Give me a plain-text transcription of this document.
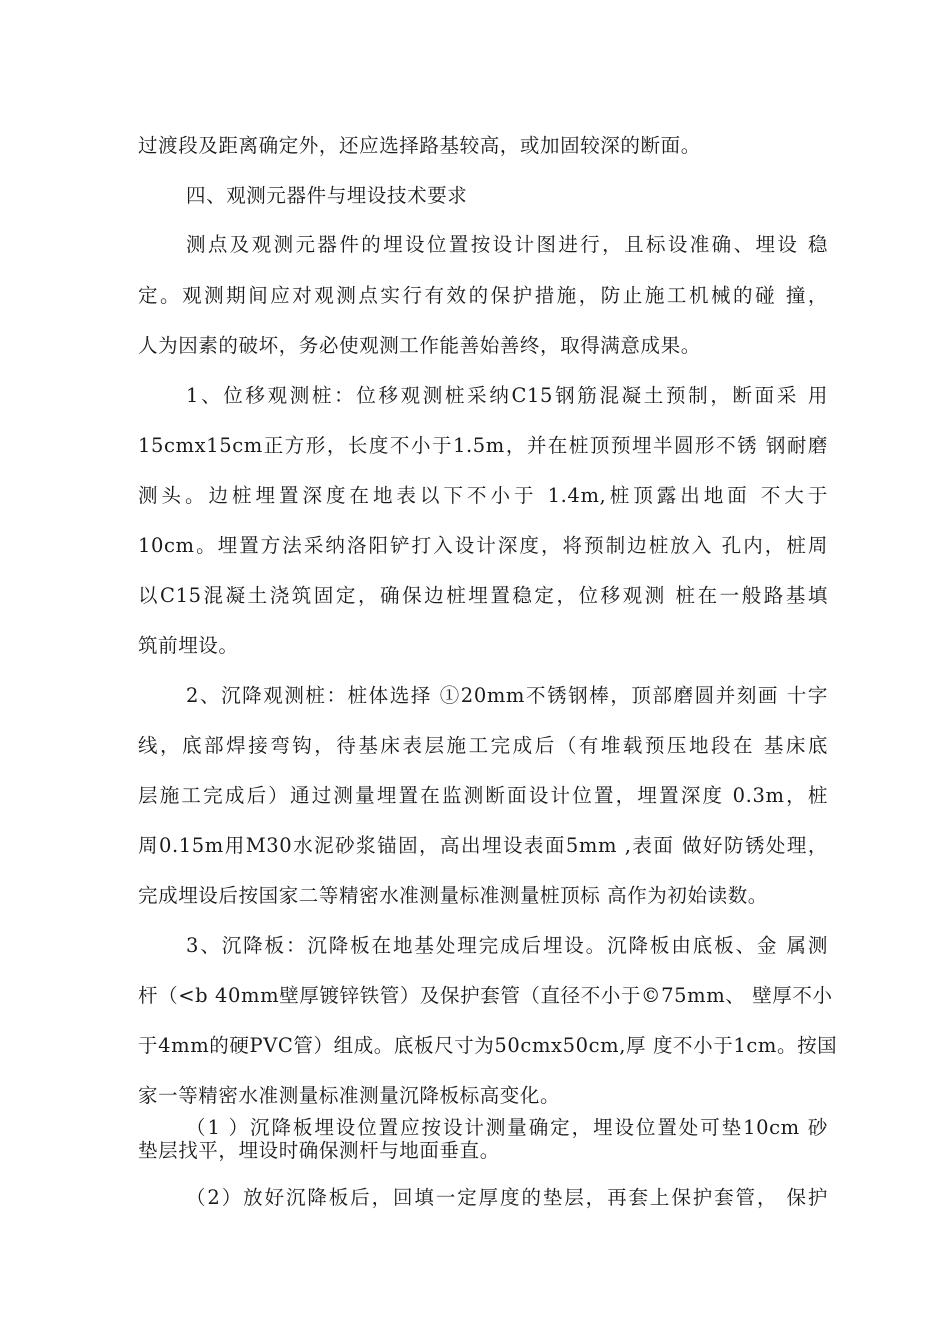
过渡段及距离确定外，还应选择路基较高，或加固较深的断面。
四、观测元器件与埋设技术要求
测点及观测元器件的埋设位置按设计图进行，且标设准确、埋设 稳
定。观测期间应对观测点实行有效的保护措施，防止施工机械的碰 撞，
人为因素的破坏，务必使观测工作能善始善终，取得满意成果。
1、位移观测桩：位移观测桩采纳C15钢筋混凝土预制，断面采 用
15cmx15cm正方形，长度不小于1.5m，并在桩顶预埋半圆形不锈 钢耐磨
测头。边桩埋置深度在地表以下不小于 1.4m,桩顶露出地面 不大于
10cm。埋置方法采纳洛阳铲打入设计深度，将预制边桩放入 孔内，桩周
以C15混凝土浇筑固定，确保边桩埋置稳定，位移观测 桩在一般路基填
筑前埋设。
2、沉降观测桩：桩体选择 ①20mm不锈钢棒，顶部磨圆并刻画 十字
线，底部焊接弯钩，待基床表层施工完成后（有堆载预压地段在 基床底
层施工完成后）通过测量埋置在监测断面设计位置，埋置深度 0.3m，桩
周0.15m用M30水泥砂浆锚固，高出埋设表面5mm ,表面 做好防锈处理，
完成埋设后按国家二等精密水准测量标准测量桩顶标 高作为初始读数。
3、沉降板：沉降板在地基处理完成后埋设。沉降板由底板、金 属测
杆（<b 40mm壁厚镀锌铁管）及保护套管（直径不小于©75mm、 壁厚不小
于4mm的硬PVC管）组成。底板尺寸为50cmx50cm,厚 度不小于1cm。按国
家一等精密水准测量标准测量沉降板标高变化。
（1 ）沉降板埋设位置应按设计测量确定，埋设位置处可垫10cm 砂
垫层找平，埋设时确保测杆与地面垂直。
（2）放好沉降板后，回填一定厚度的垫层，再套上保护套管， 保护
